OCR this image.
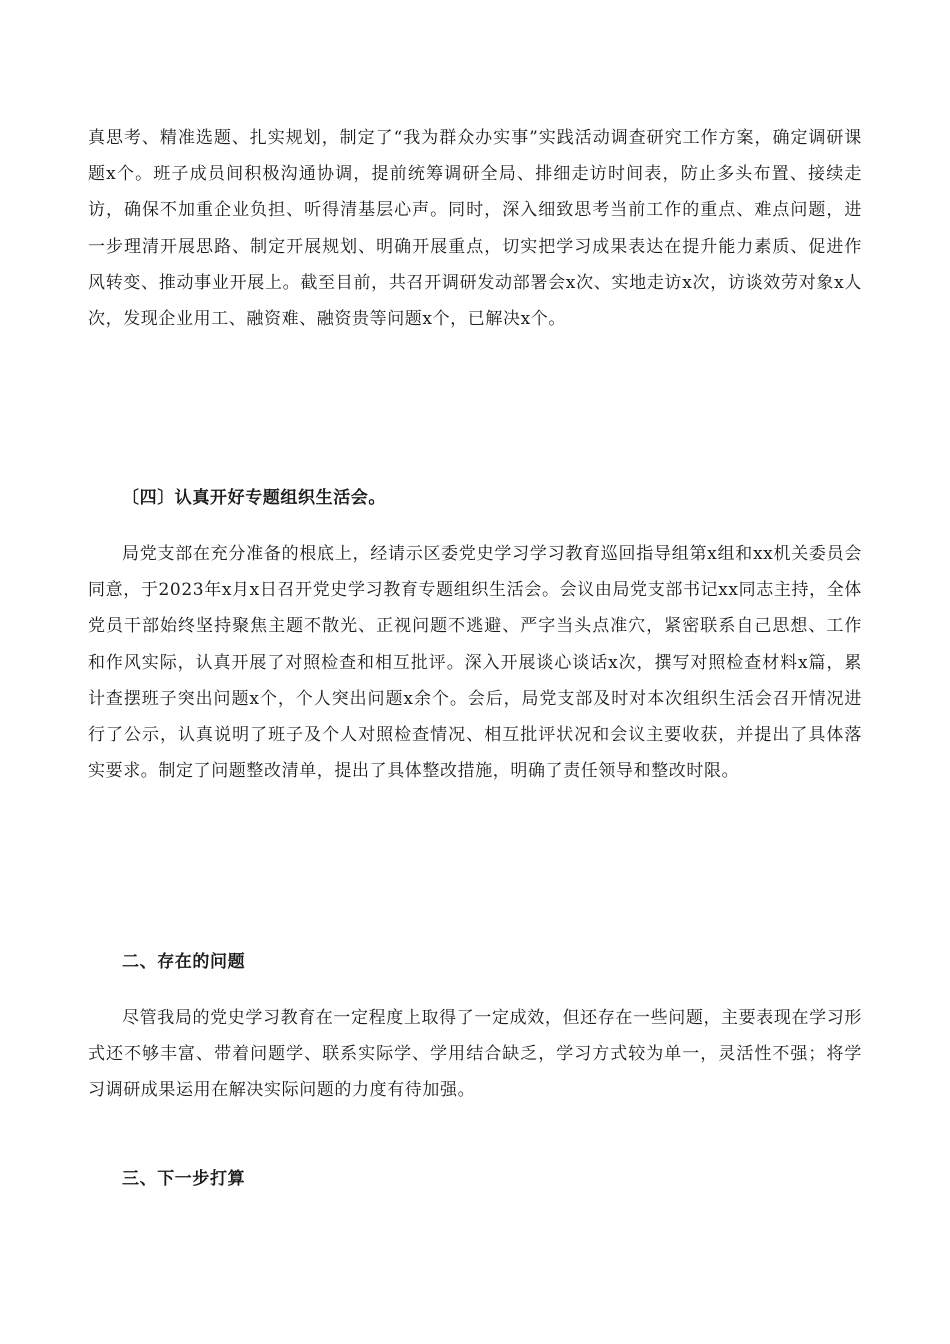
真思考、精准选题、扎实规划，制定了“我为群众办实事”实践活动调查研究工作方案，确定调研课题x个。班子成员间积极沟通协调，提前统筹调研全局、排细走访时间表，防止多头布置、接续走访，确保不加重企业负担、听得清基层心声。同时，深入细致思考当前工作的重点、难点问题，进一步理清开展思路、制定开展规划、明确开展重点，切实把学习成果表达在提升能力素质、促进作风转变、推动事业开展上。截至目前，共召开调研发动部署会x次、实地走访x次，访谈效劳对象x人次，发现企业用工、融资难、融资贵等问题x个，已解决x个。

〔四〕认真开好专题组织生活会。

局党支部在充分准备的根底上，经请示区委党史学习学习教育巡回指导组第x组和xx机关委员会同意，于2023年x月x日召开党史学习教育专题组织生活会。会议由局党支部书记xx同志主持，全体党员干部始终坚持聚焦主题不散光、正视问题不逃避、严字当头点准穴，紧密联系自己思想、工作和作风实际，认真开展了对照检查和相互批评。深入开展谈心谈话x次，撰写对照检查材料x篇，累计查摆班子突出问题x个，个人突出问题x余个。会后，局党支部及时对本次组织生活会召开情况进行了公示，认真说明了班子及个人对照检查情况、相互批评状况和会议主要收获，并提出了具体落实要求。制定了问题整改清单，提出了具体整改措施，明确了责任领导和整改时限。

二、存在的问题

尽管我局的党史学习教育在一定程度上取得了一定成效，但还存在一些问题，主要表现在学习形式还不够丰富、带着问题学、联系实际学、学用结合缺乏，学习方式较为单一，灵活性不强；将学习调研成果运用在解决实际问题的力度有待加强。

三、下一步打算
